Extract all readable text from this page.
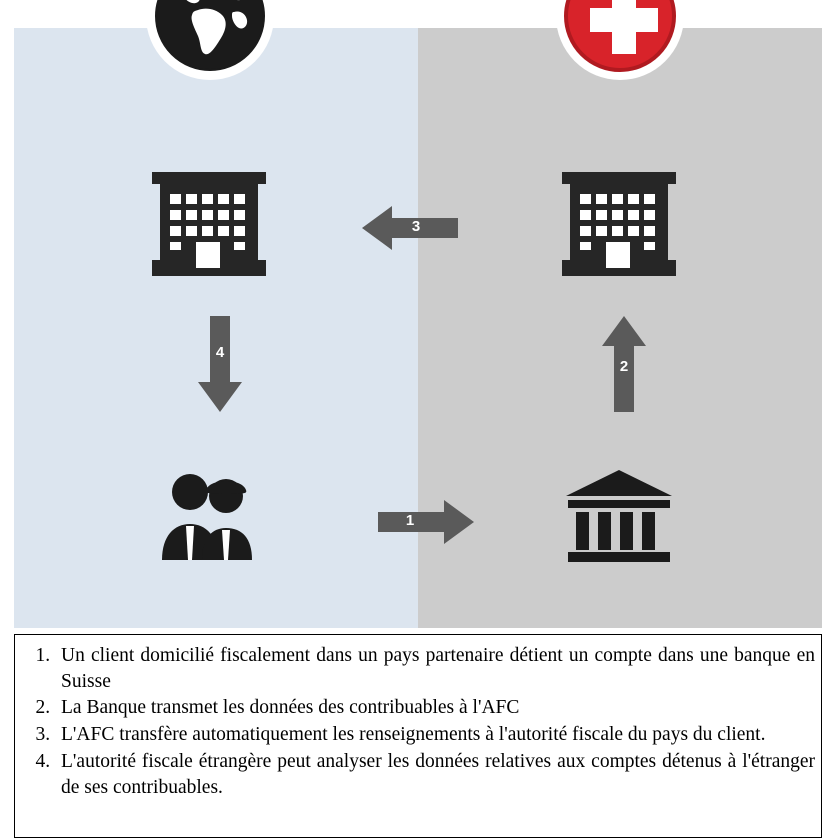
3
2
4
1
1. Un client domicilié fiscalement dans un pays partenaire détient un compte dans une banque en Suisse
2. La Banque transmet les données des contribuables à l'AFC
3. L'AFC transfère automatiquement les renseignements à l'autorité fiscale du pays du client.
4. L'autorité fiscale étrangère peut analyser les données relatives aux comptes détenus à l'étranger de ses contribuables.
